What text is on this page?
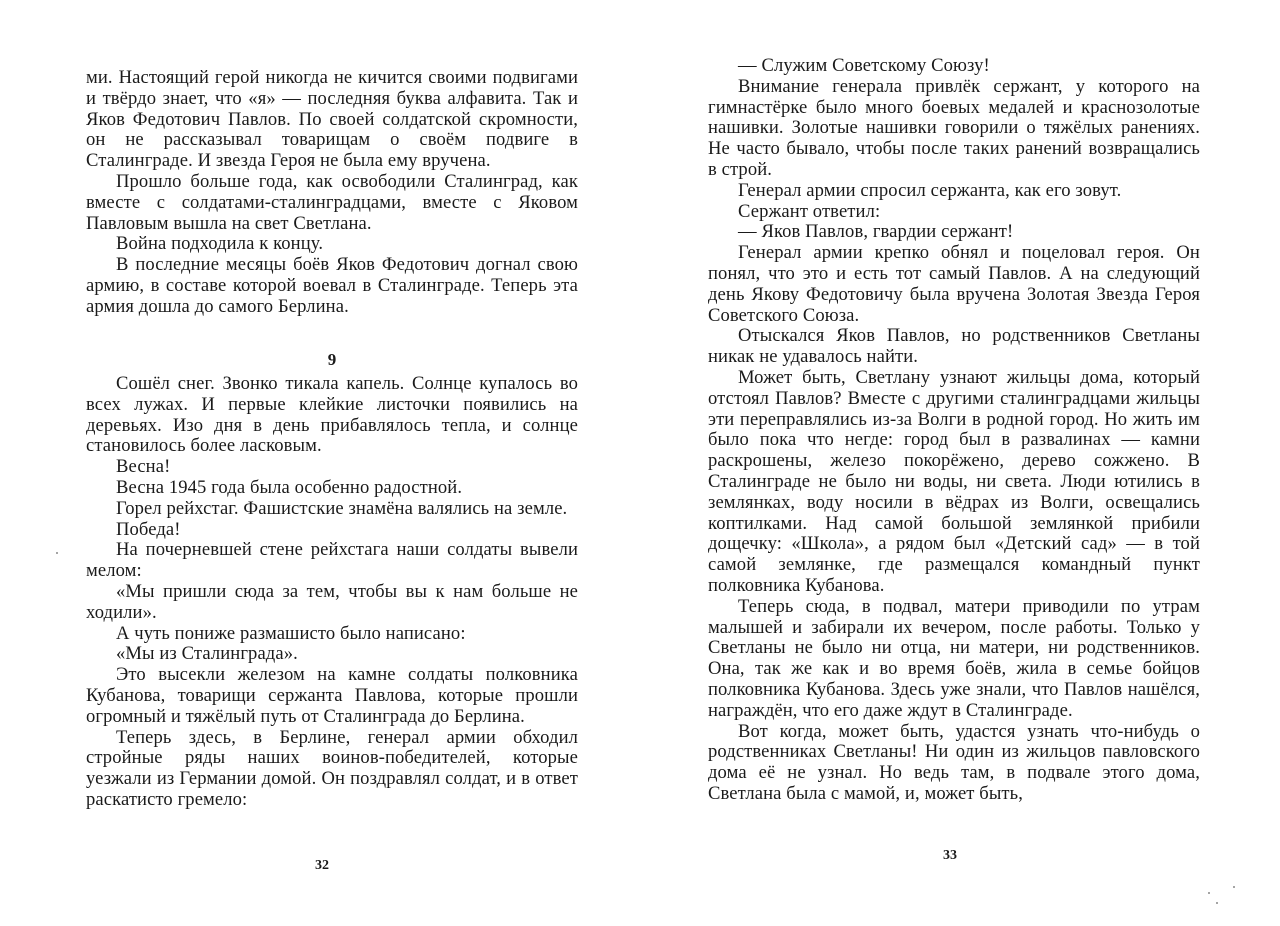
ми. Настоящий герой никогда не кичится своими подвигами и твёрдо знает, что «я» — последняя буква алфавита. Так и Яков Федотович Павлов. По своей солдатской скромности, он не рассказывал товарищам о своём подвиге в Сталинграде. И звезда Героя не была ему вручена.

Прошло больше года, как освободили Сталинград, как вместе с солдатами-сталинградцами, вместе с Яковом Павловым вышла на свет Светлана.

Война подходила к концу.

В последние месяцы боёв Яков Федотович догнал свою армию, в составе которой воевал в Сталинграде. Теперь эта армия дошла до самого Берлина.

9

Сошёл снег. Звонко тикала капель. Солнце купалось во всех лужах. И первые клейкие листочки появились на деревьях. Изо дня в день прибавлялось тепла, и солнце становилось более ласковым.

Весна!

Весна 1945 года была особенно радостной.

Горел рейхстаг. Фашистские знамёна валялись на земле.

Победа!

На почерневшей стене рейхстага наши солдаты вывели мелом:

«Мы пришли сюда за тем, чтобы вы к нам больше не ходили».

А чуть пониже размашисто было написано:

«Мы из Сталинграда».

Это высекли железом на камне солдаты полковника Кубанова, товарищи сержанта Павлова, которые прошли огромный и тяжёлый путь от Сталинграда до Берлина.

Теперь здесь, в Берлине, генерал армии обходил стройные ряды наших воинов-победителей, которые уезжали из Германии домой. Он поздравлял солдат, и в ответ раскатисто гремело:

32

— Служим Советскому Союзу!

Внимание генерала привлёк сержант, у которого на гимнастёрке было много боевых медалей и краснозолотые нашивки. Золотые нашивки говорили о тяжёлых ранениях. Не часто бывало, чтобы после таких ранений возвращались в строй.

Генерал армии спросил сержанта, как его зовут.

Сержант ответил:

— Яков Павлов, гвардии сержант!

Генерал армии крепко обнял и поцеловал героя. Он понял, что это и есть тот самый Павлов. А на следующий день Якову Федотовичу была вручена Золотая Звезда Героя Советского Союза.

Отыскался Яков Павлов, но родственников Светланы никак не удавалось найти.

Может быть, Светлану узнают жильцы дома, который отстоял Павлов? Вместе с другими сталинградцами жильцы эти переправлялись из-за Волги в родной город. Но жить им было пока что негде: город был в развалинах — камни раскрошены, железо покорёжено, дерево сожжено. В Сталинграде не было ни воды, ни света. Люди ютились в землянках, воду носили в вёдрах из Волги, освещались коптилками. Над самой большой землянкой прибили дощечку: «Школа», а рядом был «Детский сад» — в той самой землянке, где размещался командный пункт полковника Кубанова.

Теперь сюда, в подвал, матери приводили по утрам малышей и забирали их вечером, после работы. Только у Светланы не было ни отца, ни матери, ни родственников. Она, так же как и во время боёв, жила в семье бойцов полковника Кубанова. Здесь уже знали, что Павлов нашёлся, награждён, что его даже ждут в Сталинграде.

Вот когда, может быть, удастся узнать что-нибудь о родственниках Светланы! Ни один из жильцов павловского дома её не узнал. Но ведь там, в подвале этого дома, Светлана была с мамой, и, может быть,

33
